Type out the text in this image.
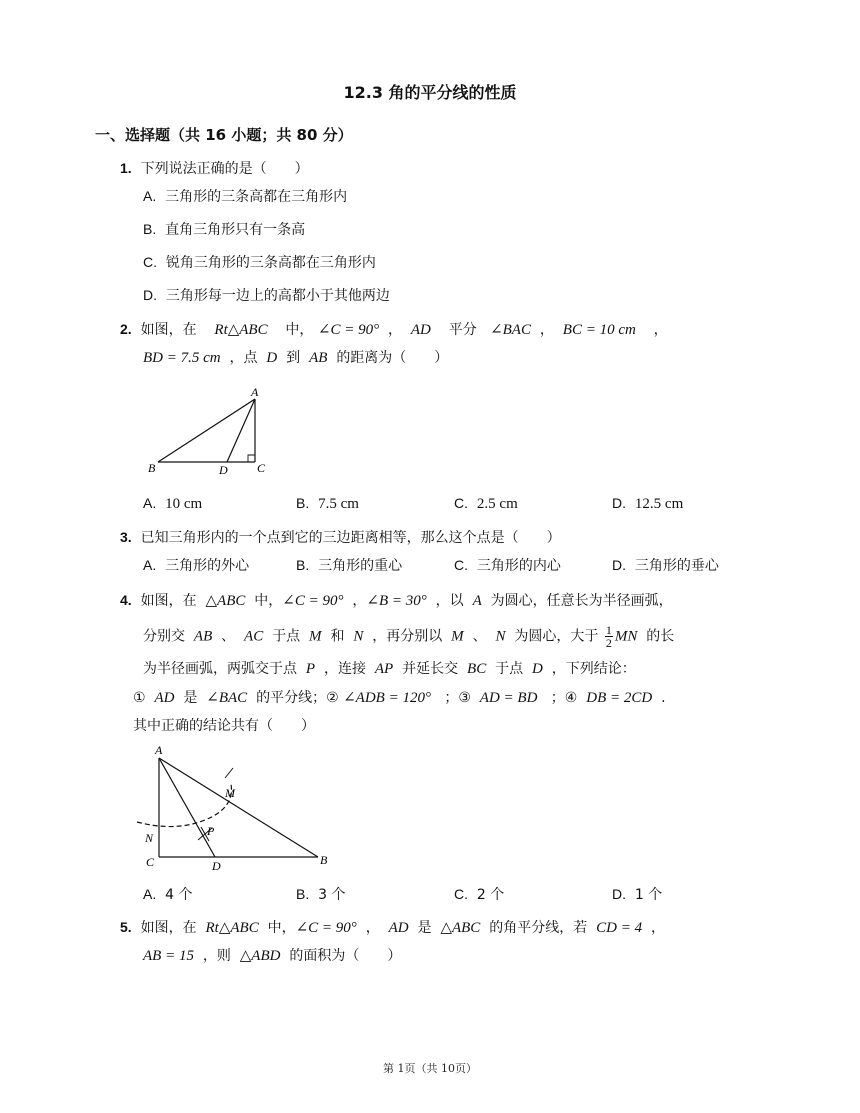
12.3 角的平分线的性质
一、选择题（共 16 小题；共 80 分）
1. 下列说法正确的是（　　）
A. 三角形的三条高都在三角形内
B. 直角三角形只有一条高
C. 锐角三角形的三条高都在三角形内
D. 三角形每一边上的高都小于其他两边
2. 如图，在 Rt△ABC 中， ∠C = 90° ， AD 平分 ∠BAC ， BC = 10 cm ，
BD = 7.5 cm ，点 D 到 AB 的距离为（　　）
A
B	C
D
A. 10 cm	B. 7.5 cm	C. 2.5 cm	D. 12.5 cm
3. 已知三角形内的一个点到它的三边距离相等，那么这个点是（　　）
A. 三角形的外心	B. 三角形的重心	C. 三角形的内心	D. 三角形的垂心
4. 如图，在 △ABC 中，∠C = 90° ，∠B = 30° ，以 A 为圆心，任意长为半径画弧，
分别交 AB 、 AC 于点 M 和 N ，再分别以 M 、 N 为圆心，大于 $\frac{1}{2}$ MN 的长
为半径画弧，两弧交于点 P ，连接 AP 并延长交 BC 于点 D ，下列结论：
① AD 是 ∠BAC 的平分线；② ∠ADB = 120° ；③ AD = BD ；④ DB = 2CD .
其中正确的结论共有（　　）
A
C	D	B
M
N	P
A. 4 个	B. 3 个	C. 2 个	D. 1 个
5. 如图，在 Rt△ABC 中，∠C = 90° ， AD 是 △ABC 的角平分线，若 CD = 4 ，
AB = 15 ，则 △ABD 的面积为（　　）
第 1页（共 10页）
